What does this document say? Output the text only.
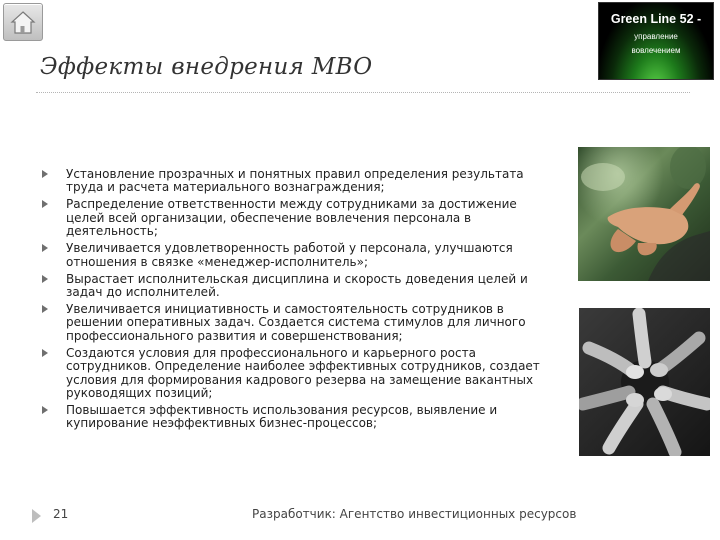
Эффекты внедрения MBO
Green Line 52 -
управление
вовлечением
Установление прозрачных и понятных правил определения результата труда и расчета материального вознаграждения;
Распределение ответственности между сотрудниками за достижение целей всей организации, обеспечение вовлечения персонала в деятельность;
Увеличивается удовлетворенность работой у персонала, улучшаются отношения в связке «менеджер-исполнитель»;
Вырастает исполнительская дисциплина и скорость доведения целей и задач до исполнителей.
Увеличивается инициативность и самостоятельность сотрудников в решении оперативных задач. Создается система стимулов для личного профессионального развития и совершенствования;
Создаются условия для профессионального и карьерного роста сотрудников. Определение наиболее эффективных сотрудников, создает условия для формирования кадрового резерва на замещение вакантных руководящих позиций;
Повышается эффективность использования ресурсов, выявление и купирование неэффективных бизнес-процессов;
21	Разработчик: Агентство инвестиционных ресурсов
